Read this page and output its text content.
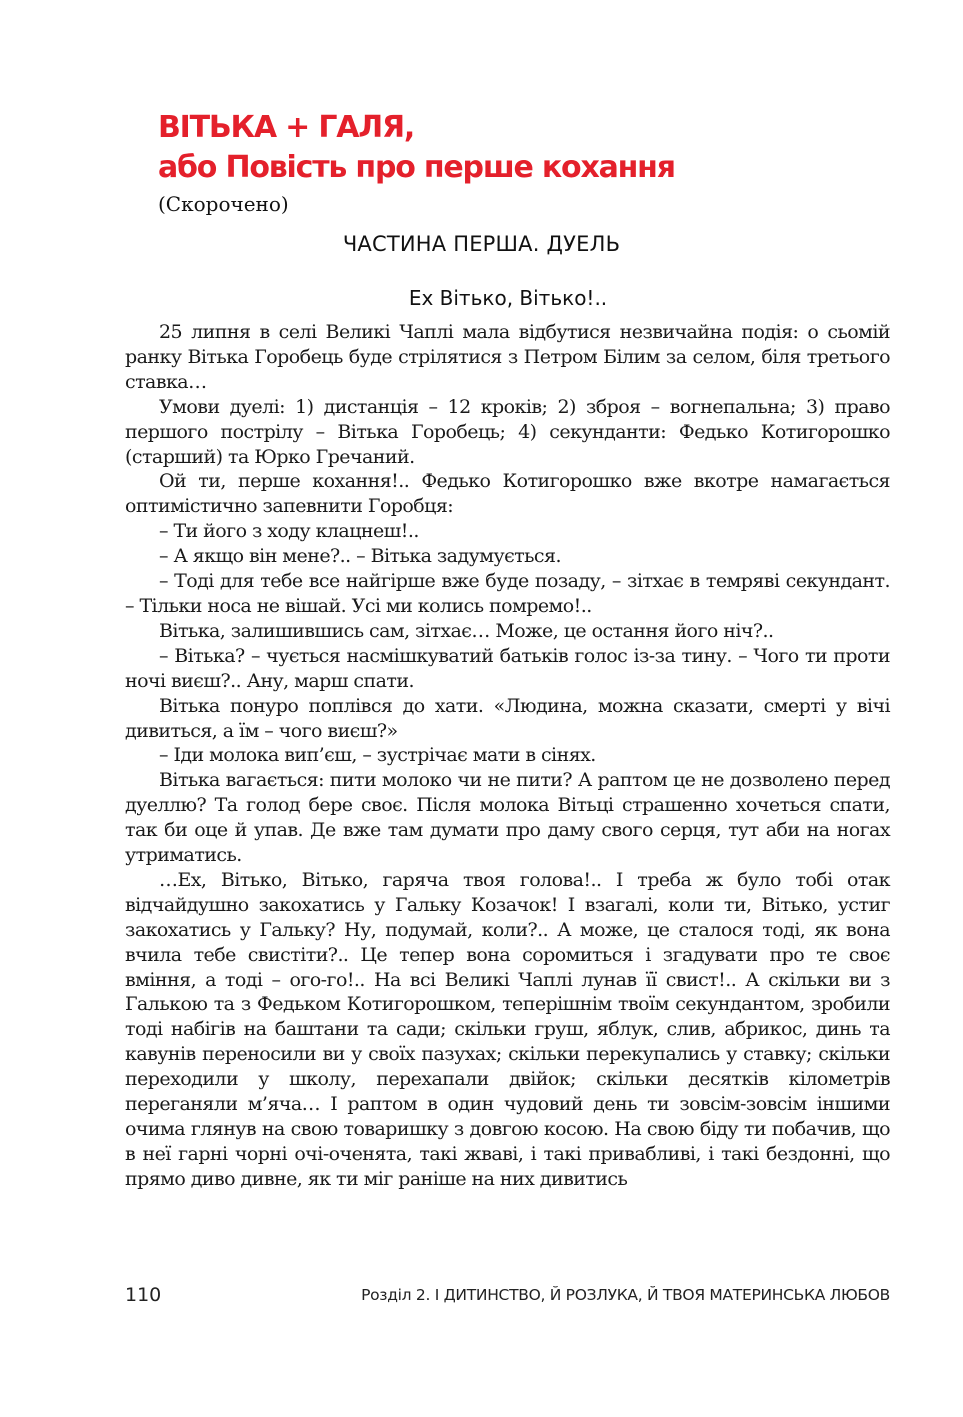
ВІТЬКА + ГАЛЯ,
або Повість про перше кохання
(Скорочено)
ЧАСТИНА ПЕРША. ДУЕЛЬ
Ех Вітько, Вітько!..

25 липня в селі Великі Чаплі мала відбутися незвичайна подія: о сьомій ранку Вітька Горобець буде стрілятися з Петром Білим за селом, біля третього ставка…

Умови дуелі: 1) дистанція – 12 кроків; 2) зброя – вогнепальна; 3) право першого пострілу – Вітька Горобець; 4) секунданти: Федько Котигорошко (старший) та Юрко Гречаний.

Ой ти, перше кохання!.. Федько Котигорошко вже вкотре намагається оптимістично запевнити Горобця:

– Ти його з ходу клацнеш!..

– А якщо він мене?.. – Вітька задумується.

– Тоді для тебе все найгірше вже буде позаду, – зітхає в темряві секундант. – Тільки носа не вішай. Усі ми колись помремо!..

Вітька, залишившись сам, зітхає… Може, це остання його ніч?..

– Вітька? – чується насмішкуватий батьків голос із-за тину. – Чого ти проти ночі виєш?.. Ану, марш спати.

Вітька понуро поплівся до хати. «Людина, можна сказати, смерті у вічі дивиться, а їм – чого виєш?»

– Іди молока вип’єш, – зустрічає мати в сінях.

Вітька вагається: пити молоко чи не пити? А раптом це не дозволено перед дуеллю? Та голод бере своє. Після молока Вітьці страшенно хочеться спати, так би оце й упав. Де вже там думати про даму свого серця, тут аби на ногах утриматись.

…Ех, Вітько, Вітько, гаряча твоя голова!.. І треба ж було тобі отак відчайдушно закохатись у Гальку Козачок! І взагалі, коли ти, Вітько, устиг закохатись у Гальку? Ну, подумай, коли?.. А може, це сталося тоді, як вона вчила тебе свистіти?.. Це тепер вона соромиться і згадувати про те своє вміння, а тоді – ого-го!.. На всі Великі Чаплі лунав її свист!.. А скільки ви з Галькою та з Федьком Котигорошком, теперішнім твоїм секундантом, зробили тоді набігів на баштани та сади; скільки груш, яблук, слив, абрикос, динь та кавунів переносили ви у своїх пазухах; скільки перекупались у ставку; скільки переходили у школу, перехапали двійок; скільки десятків кілометрів переганяли м’яча… І раптом в один чудовий день ти зовсім-зовсім іншими очима глянув на свою товаришку з довгою косою. На свою біду ти побачив, що в неї гарні чорні очі-оченята, такі жваві, і такі привабливі, і такі бездонні, що прямо диво дивне, як ти міг раніше на них дивитись

110	Розділ 2. І ДИТИНСТВО, Й РОЗЛУКА, Й ТВОЯ МАТЕРИНСЬКА ЛЮБОВ
